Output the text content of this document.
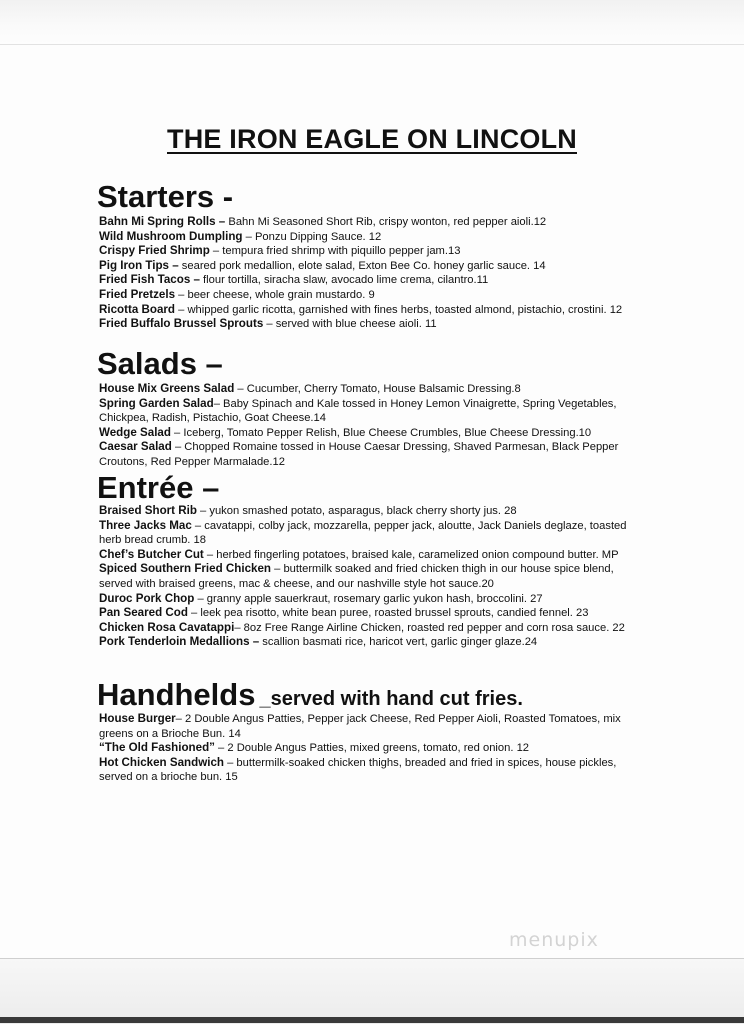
THE IRON EAGLE ON LINCOLN
Starters -

Bahn Mi Spring Rolls – Bahn Mi Seasoned Short Rib, crispy wonton, red pepper aioli.12

Wild Mushroom Dumpling – Ponzu Dipping Sauce. 12

Crispy Fried Shrimp – tempura fried shrimp with piquillo pepper jam.13

Pig Iron Tips – seared pork medallion, elote salad, Exton Bee Co. honey garlic sauce. 14

Fried Fish Tacos – flour tortilla, siracha slaw, avocado lime crema, cilantro.11

Fried Pretzels – beer cheese, whole grain mustardo. 9

Ricotta Board – whipped garlic ricotta, garnished with fines herbs, toasted almond, pistachio, crostini. 12

Fried Buffalo Brussel Sprouts – served with blue cheese aioli. 11

Salads –

House Mix Greens Salad – Cucumber, Cherry Tomato, House Balsamic Dressing.8

Spring Garden Salad– Baby Spinach and Kale tossed in Honey Lemon Vinaigrette, Spring Vegetables, Chickpea, Radish, Pistachio, Goat Cheese.14

Wedge Salad – Iceberg, Tomato Pepper Relish, Blue Cheese Crumbles, Blue Cheese Dressing.10

Caesar Salad – Chopped Romaine tossed in House Caesar Dressing, Shaved Parmesan, Black Pepper Croutons, Red Pepper Marmalade.12

Entrée –

Braised Short Rib – yukon smashed potato, asparagus, black cherry shorty jus. 28

Three Jacks Mac – cavatappi, colby jack, mozzarella, pepper jack, aloutte, Jack Daniels deglaze, toasted herb bread crumb. 18

Chef’s Butcher Cut – herbed fingerling potatoes, braised kale, caramelized onion compound butter. MP

Spiced Southern Fried Chicken – buttermilk soaked and fried chicken thigh in our house spice blend, served with braised greens, mac & cheese, and our nashville style hot sauce.20

Duroc Pork Chop – granny apple sauerkraut, rosemary garlic yukon hash, broccolini. 27

Pan Seared Cod – leek pea risotto, white bean puree, roasted brussel sprouts, candied fennel. 23

Chicken Rosa Cavatappi– 8oz Free Range Airline Chicken, roasted red pepper and corn rosa sauce. 22

Pork Tenderloin Medallions – scallion basmati rice, haricot vert, garlic ginger glaze.24

Handhelds _served with hand cut fries.

House Burger– 2 Double Angus Patties, Pepper jack Cheese, Red Pepper Aioli, Roasted Tomatoes, mix greens on a Brioche Bun. 14

“The Old Fashioned” – 2 Double Angus Patties, mixed greens, tomato, red onion. 12

Hot Chicken Sandwich – buttermilk-soaked chicken thighs, breaded and fried in spices, house pickles, served on a brioche bun. 15

menupix
